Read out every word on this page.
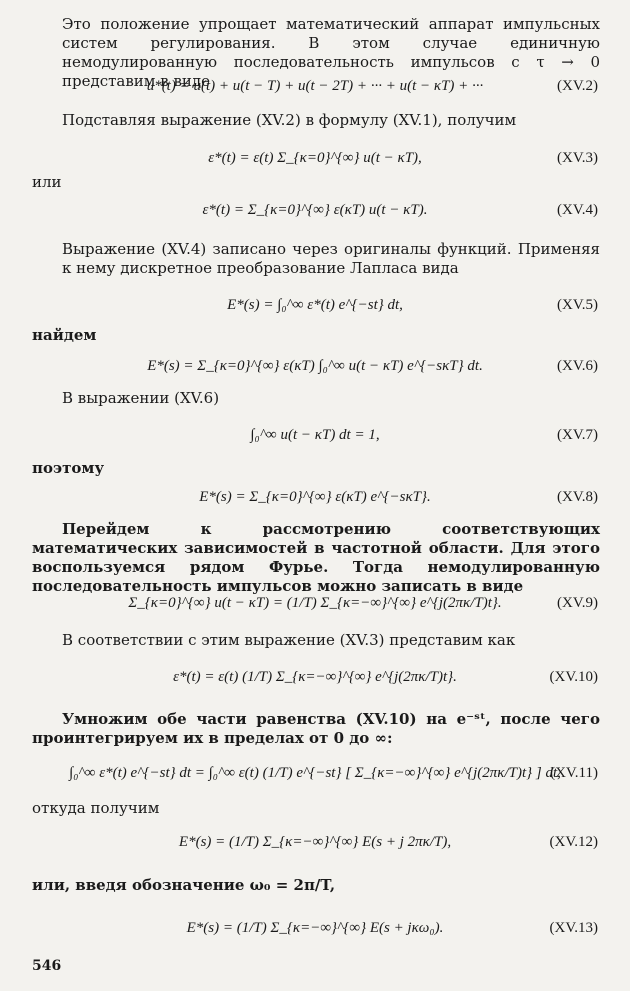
Это положение упрощает математический аппарат импульсных систем регулирования. В этом случае единичную немодулированную последовательность импульсов с τ → 0 представим в виде

u*(t) = u(t) + u(t − T) + u(t − 2T) + ··· + u(t − κT) + ···	(XV.2)

Подставляя выражение (XV.2) в формулу (XV.1), получим

ε*(t) = ε(t) Σ_{κ=0}^{∞} u(t − κT),	(XV.3)

или

ε*(t) = Σ_{κ=0}^{∞} ε(κT) u(t − κT).	(XV.4)

Выражение (XV.4) записано через оригиналы функций. Применяя к нему дискретное преобразование Лапласа вида

E*(s) = ∫₀^∞ ε*(t) e^{−st} dt,	(XV.5)

найдем

E*(s) = Σ_{κ=0}^{∞} ε(κT) ∫₀^∞ u(t − κT) e^{−sκT} dt.	(XV.6)

В выражении (XV.6)

∫₀^∞ u(t − κT) dt = 1,	(XV.7)

поэтому

E*(s) = Σ_{κ=0}^{∞} ε(κT) e^{−sκT}.	(XV.8)

Перейдем к рассмотрению соответствующих математических зависимостей в частотной области. Для этого воспользуемся рядом Фурье. Тогда немодулированную последовательность импульсов можно записать в виде

Σ_{κ=0}^{∞} u(t − κT) = (1/T) Σ_{κ=−∞}^{∞} e^{j(2πκ/T)t}.	(XV.9)

В соответствии с этим выражение (XV.3) представим как

ε*(t) = ε(t) (1/T) Σ_{κ=−∞}^{∞} e^{j(2πκ/T)t}.	(XV.10)

Умножим обе части равенства (XV.10) на e⁻ˢᵗ, после чего проинтегрируем их в пределах от 0 до ∞:

∫₀^∞ ε*(t) e^{−st} dt = ∫₀^∞ ε(t) (1/T) e^{−st} [ Σ_{κ=−∞}^{∞} e^{j(2πκ/T)t} ] dt,
(XV.11)

откуда получим

E*(s) = (1/T) Σ_{κ=−∞}^{∞} E(s + j 2πκ/T),	(XV.12)

или, введя обозначение ω₀ = 2π/T,

E*(s) = (1/T) Σ_{κ=−∞}^{∞} E(s + jκω₀).	(XV.13)
546
